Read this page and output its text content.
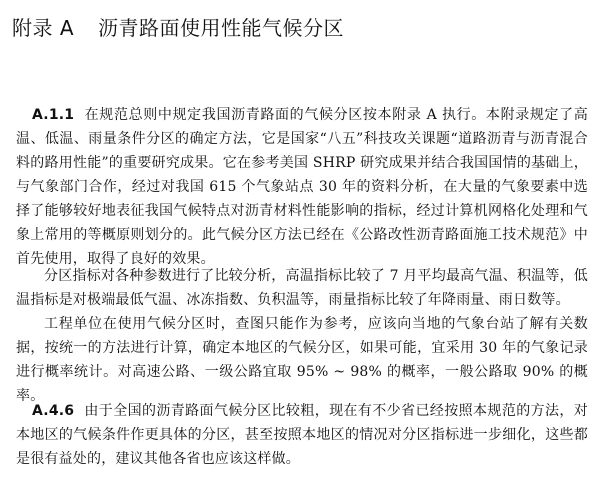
附录 A 沥青路面使用性能气候分区

A.1.1 在规范总则中规定我国沥青路面的气候分区按本附录 A 执行。本附录规定了高温、低温、雨量条件分区的确定方法，它是国家“八五”科技攻关课题“道路沥青与沥青混合料的路用性能”的重要研究成果。它在参考美国 SHRP 研究成果并结合我国国情的基础上，与气象部门合作，经过对我国 615 个气象站点 30 年的资料分析，在大量的气象要素中选择了能够较好地表征我国气候特点对沥青材料性能影响的指标，经过计算机网格化处理和气象上常用的等概原则划分的。此气候分区方法已经在《公路改性沥青路面施工技术规范》中首先使用，取得了良好的效果。

分区指标对各种参数进行了比较分析，高温指标比较了 7 月平均最高气温、积温等，低温指标是对极端最低气温、冰冻指数、负积温等，雨量指标比较了年降雨量、雨日数等。

工程单位在使用气候分区时，查图只能作为参考，应该向当地的气象台站了解有关数据，按统一的方法进行计算，确定本地区的气候分区，如果可能，宜采用 30 年的气象记录进行概率统计。对高速公路、一级公路宜取 95% ~ 98% 的概率，一般公路取 90% 的概率。

A.4.6 由于全国的沥青路面气候分区比较粗，现在有不少省已经按照本规范的方法，对本地区的气候条件作更具体的分区，甚至按照本地区的情况对分区指标进一步细化，这些都是很有益处的，建议其他各省也应该这样做。
